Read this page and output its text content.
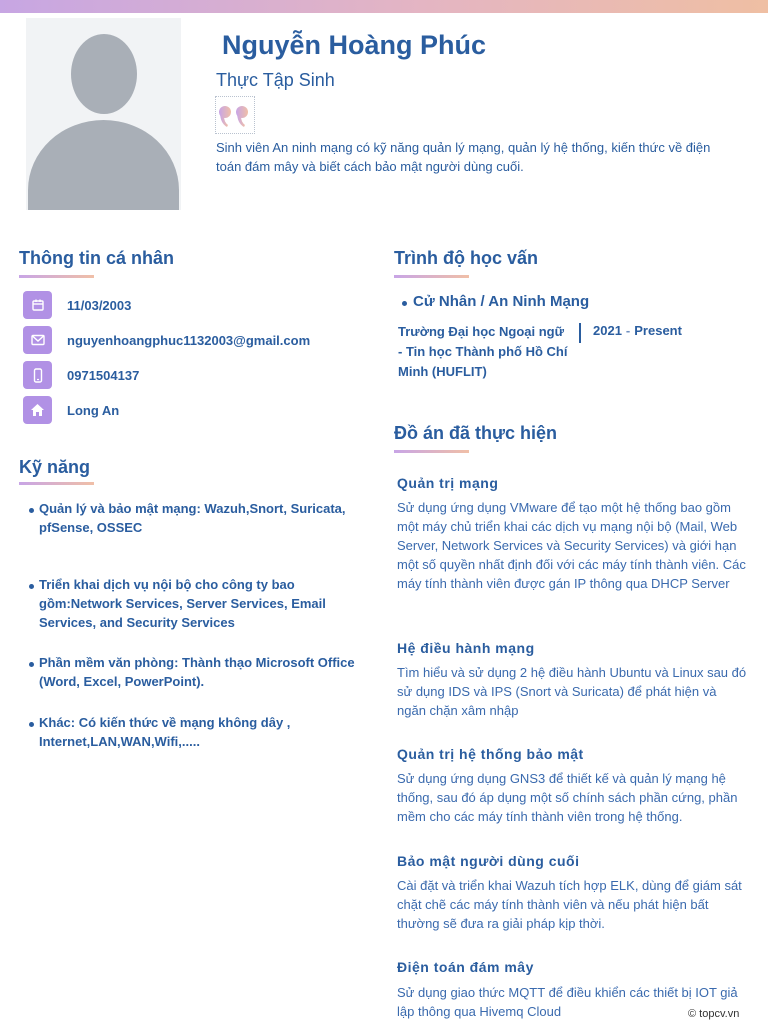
Nguyễn Hoàng Phúc

Thực Tập Sinh

Sinh viên An ninh mạng có kỹ năng quản lý mạng, quản lý hệ thống, kiến thức về điện toán đám mây và biết cách bảo mật người dùng cuối.

Thông tin cá nhân
11/03/2003
nguyenhoangphuc1132003@gmail.com
0971504137
Long An
Kỹ năng

Quản lý và bảo mật mạng: Wazuh,Snort, Suricata, pfSense, OSSEC

Triển khai dịch vụ nội bộ cho công ty bao gồm:Network Services, Server Services, Email Services, and Security Services

Phần mềm văn phòng: Thành thạo Microsoft Office (Word, Excel, PowerPoint).

Khác: Có kiến thức về mạng không dây , Internet,LAN,WAN,Wifi,.....

Trình độ học vấn
Cử Nhân / An Ninh Mạng

Trường Đại học Ngoại ngữ - Tin học Thành phố Hồ Chí Minh (HUFLIT)

2021 - Present
Đồ án đã thực hiện

Quản trị mạng

Sử dụng ứng dụng VMware để tạo một hệ thống bao gồm một máy chủ triển khai các dịch vụ mạng nội bộ (Mail, Web Server, Network Services và Security Services) và giới hạn một số quyền nhất định đối với các máy tính thành viên. Các máy tính thành viên được gán IP thông qua DHCP Server

Hệ điều hành mạng

Tìm hiểu và sử dụng 2 hệ điều hành Ubuntu và Linux sau đó sử dụng IDS và IPS (Snort và Suricata) để phát hiện và ngăn chặn xâm nhập

Quản trị hệ thống bảo mật

Sử dụng ứng dụng GNS3 để thiết kế và quản lý mạng hệ thống, sau đó áp dụng một số chính sách phần cứng, phần mềm cho các máy tính thành viên trong hệ thống.

Bảo mật người dùng cuối

Cài đặt và triển khai Wazuh tích hợp ELK, dùng để giám sát chặt chẽ các máy tính thành viên và nếu phát hiện bất thường sẽ đưa ra giải pháp kịp thời.

Điện toán đám mây

Sử dụng giao thức MQTT để điều khiển các thiết bị IOT giả lập thông qua Hivemq Cloud	© topcv.vn
